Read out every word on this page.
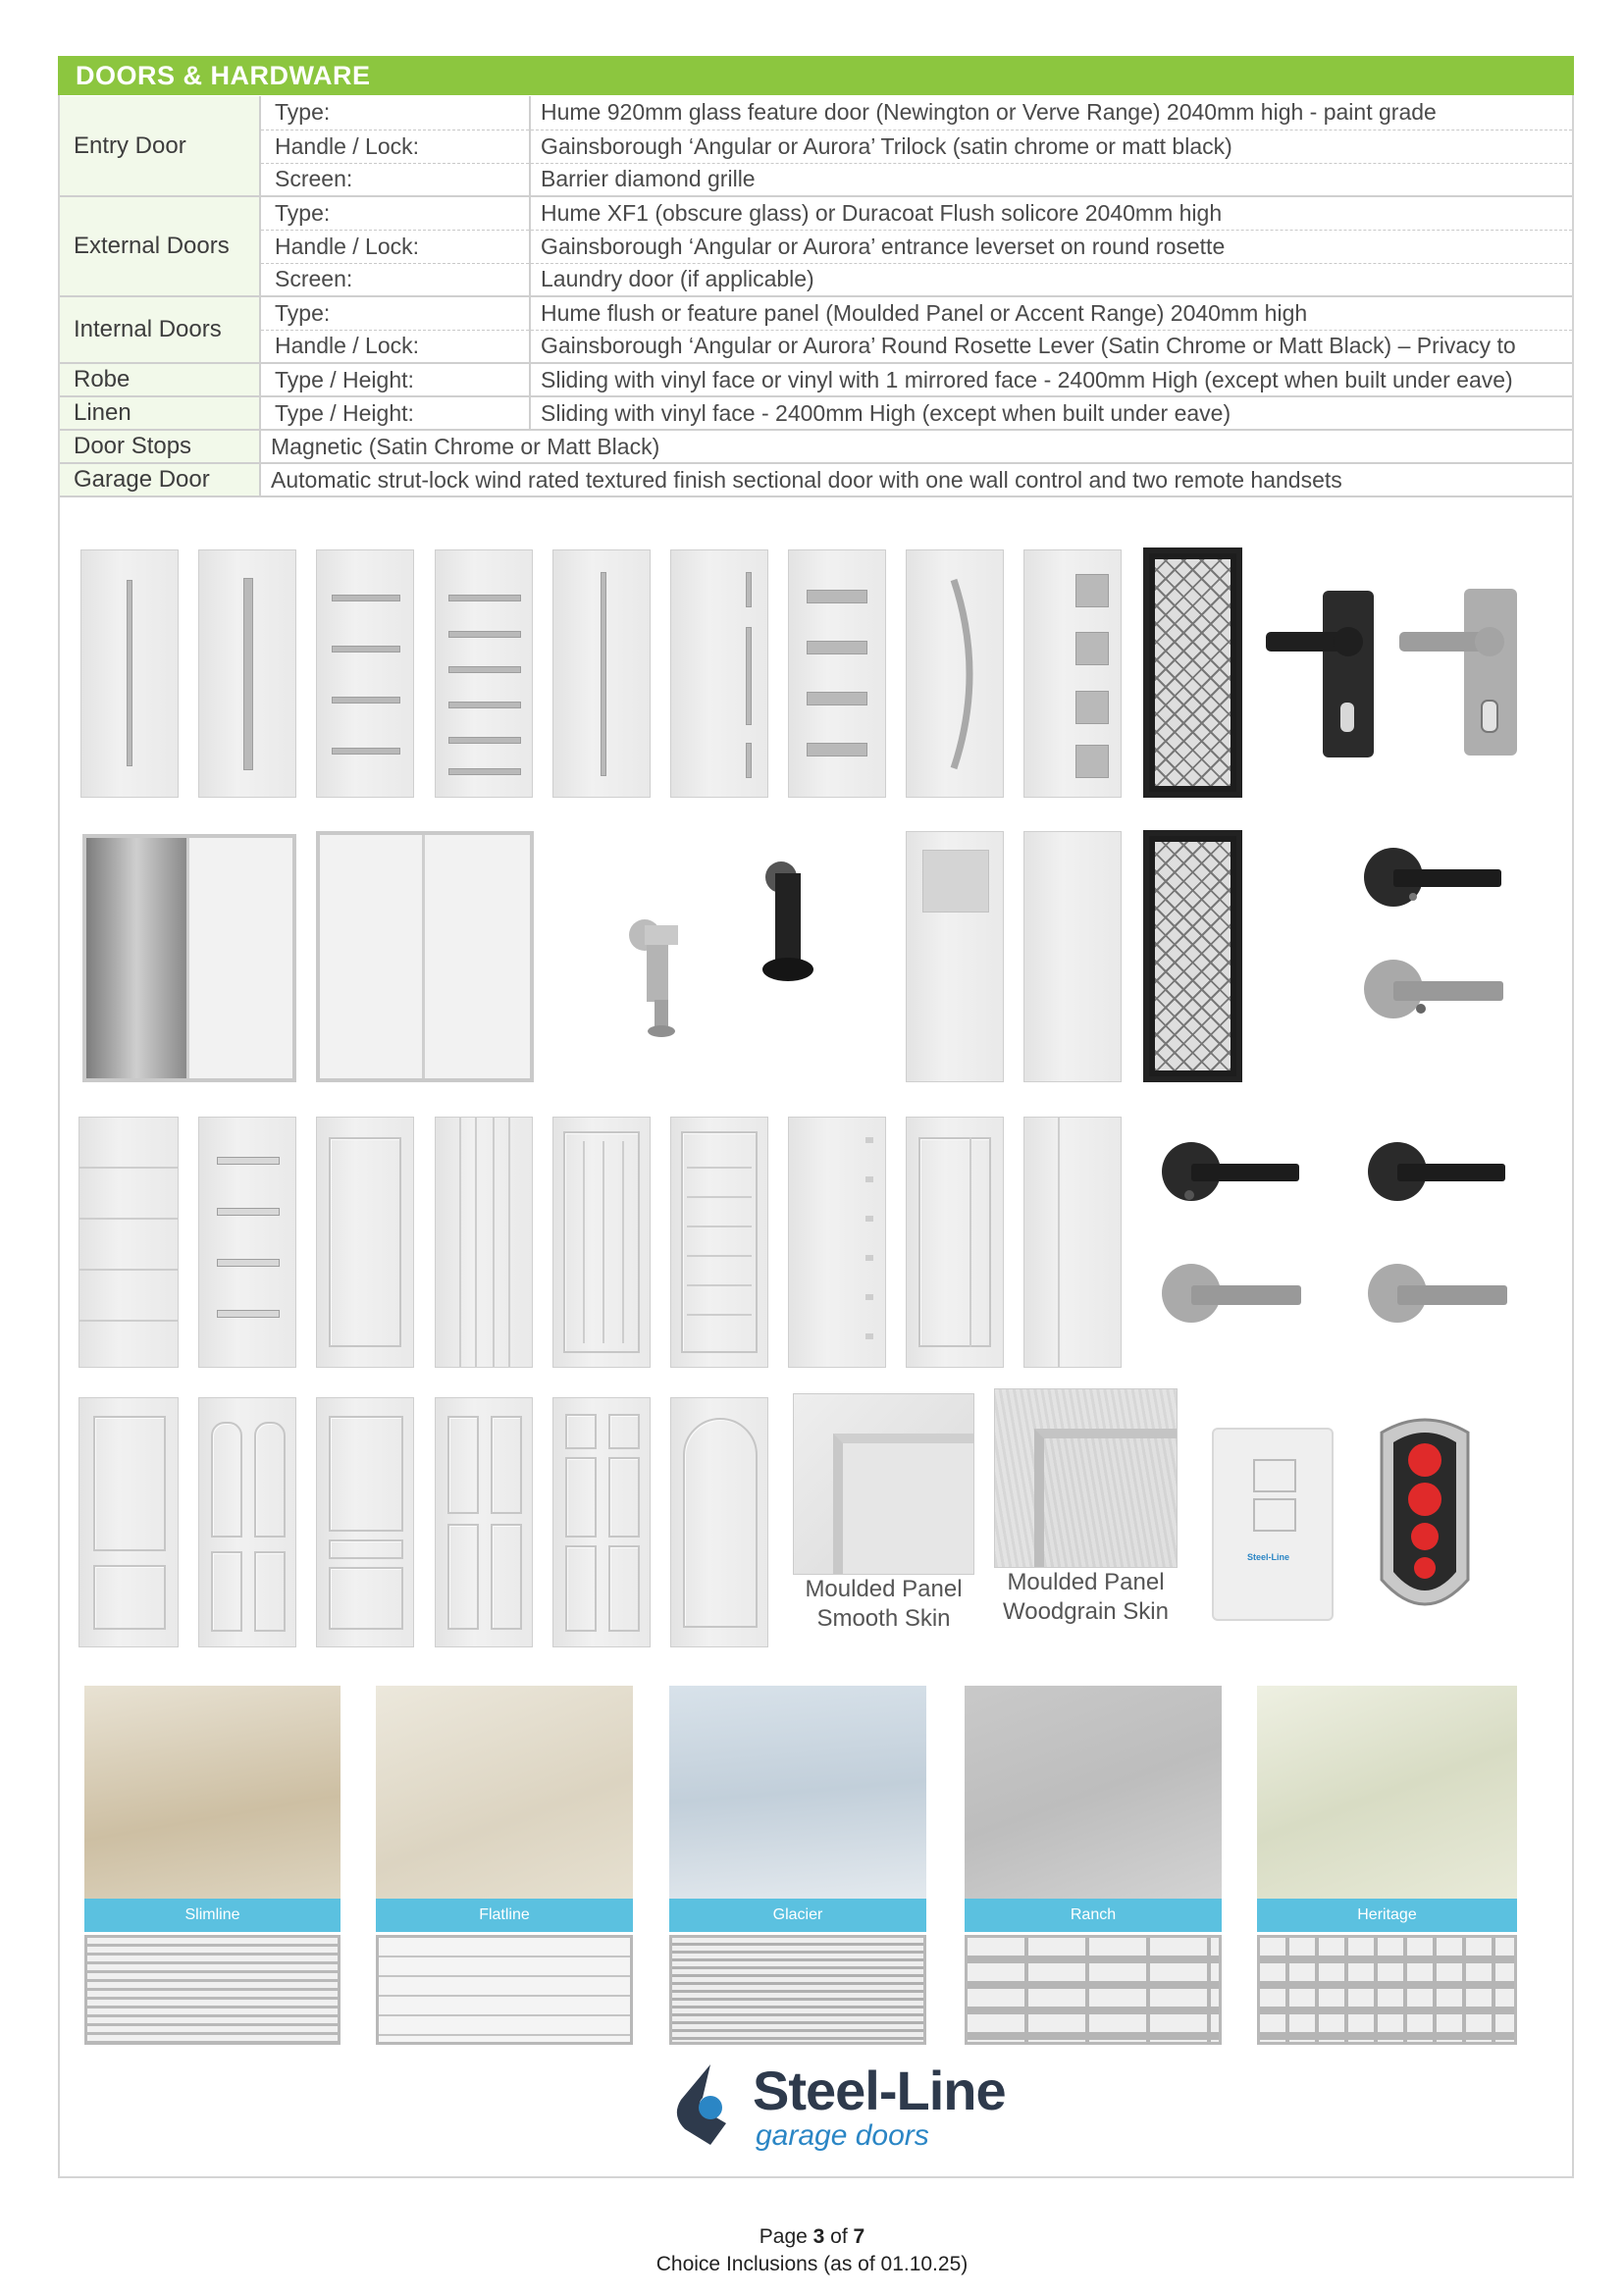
DOORS & HARDWARE
Entry Door	Type:	Hume 920mm glass feature door (Newington or Verve Range) 2040mm high - paint grade
	Handle / Lock:	Gainsborough ‘Angular or Aurora’ Trilock (satin chrome or matt black)
	Screen:	Barrier diamond grille
External Doors	Type:	Hume XF1 (obscure glass) or Duracoat Flush solicore 2040mm high
	Handle / Lock:	Gainsborough ‘Angular or Aurora’ entrance leverset on round rosette
	Screen:	Laundry door (if applicable)
Internal Doors	Type:	Hume flush or feature panel (Moulded Panel or Accent Range) 2040mm high
	Handle / Lock:	Gainsborough ‘Angular or Aurora’ Round Rosette Lever (Satin Chrome or Matt Black) – Privacy to
Robe	Type / Height:	Sliding with vinyl face or vinyl with 1 mirrored face - 2400mm High (except when built under eave)
Linen	Type / Height:	Sliding with vinyl face - 2400mm High (except when built under eave)
Door Stops	Magnetic (Satin Chrome or Matt Black)	
Garage Door	Automatic strut-lock wind rated textured finish sectional door with one wall control and two remote handsets	
Moulded Panel
Smooth Skin
Moulded Panel
Woodgrain Skin
Steel-Line
Slimline	Flatline	Glacier	Ranch	Heritage
Steel-Line
garage doors
Page 3 of 7
Choice Inclusions (as of 01.10.25)
